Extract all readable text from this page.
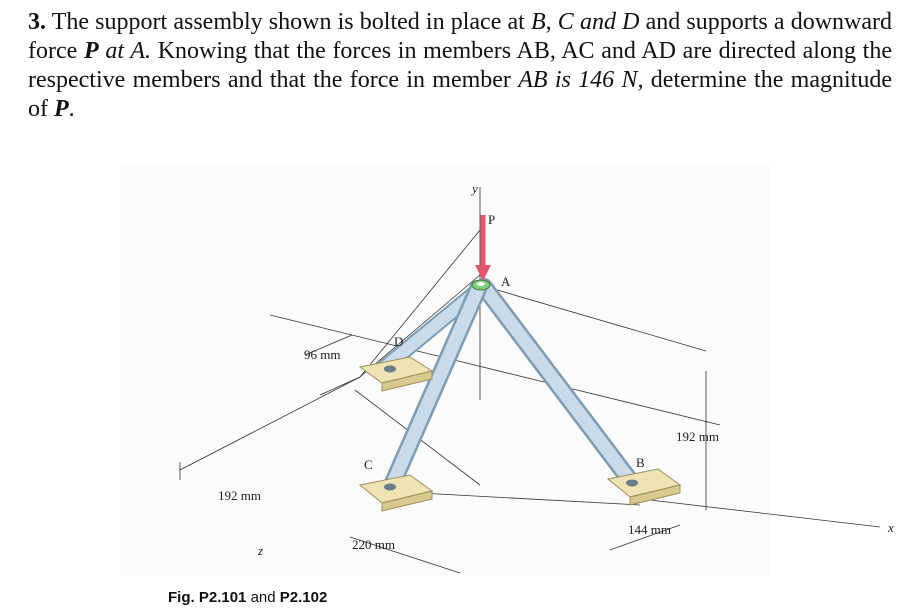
3. The support assembly shown is bolted in place at B, C and D and supports a downward force P at A. Knowing that the forces in members AB, AC and AD are directed along the respective members and that the force in member AB is 146 N, determine the magnitude of P.

y
P
A
D
C	B
x
z
96 mm
192 mm
220 mm
192 mm
144 mm
Fig. P2.101 and P2.102
